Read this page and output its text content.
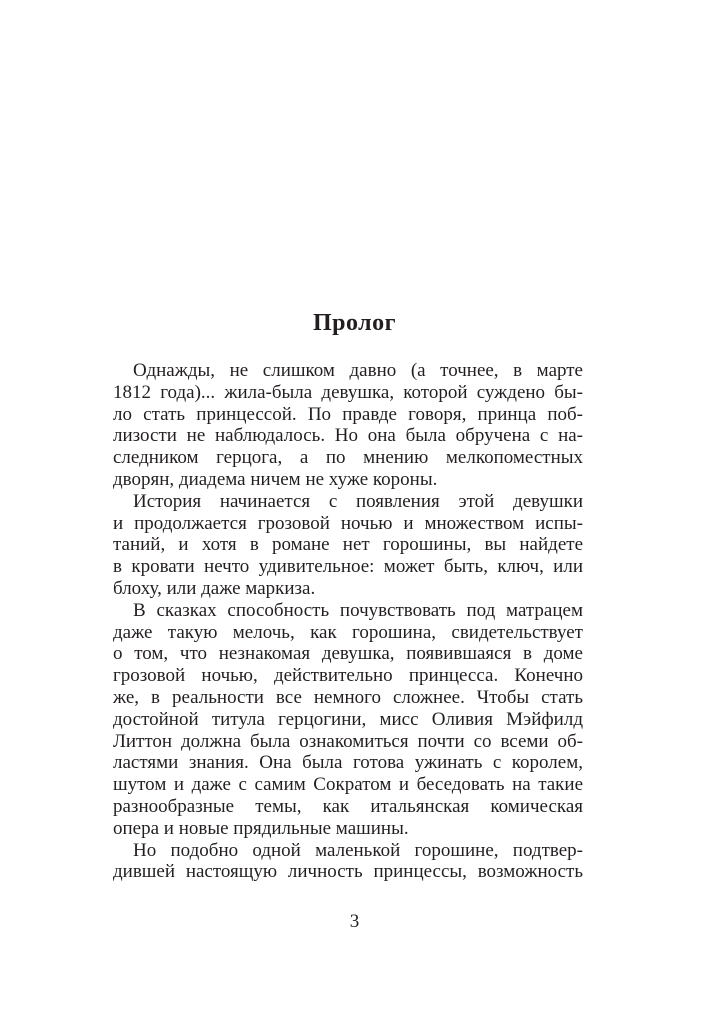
Пролог
Однажды, не слишком давно (а точнее, в марте
1812 года)... жила-была девушка, которой суждено бы-
ло стать принцессой. По правде говоря, принца поб-
лизости не наблюдалось. Но она была обручена с на-
следником герцога, а по мнению мелкопоместных
дворян, диадема ничем не хуже короны.
История начинается с появления этой девушки
и продолжается грозовой ночью и множеством испы-
таний, и хотя в романе нет горошины, вы найдете
в кровати нечто удивительное: может быть, ключ, или
блоху, или даже маркиза.
В сказках способность почувствовать под матрацем
даже такую мелочь, как горошина, свидетельствует
о том, что незнакомая девушка, появившаяся в доме
грозовой ночью, действительно принцесса. Конечно
же, в реальности все немного сложнее. Чтобы стать
достойной титула герцогини, мисс Оливия Мэйфилд
Литтон должна была ознакомиться почти со всеми об-
ластями знания. Она была готова ужинать с королем,
шутом и даже с самим Сократом и беседовать на такие
разнообразные темы, как итальянская комическая
опера и новые прядильные машины.
Но подобно одной маленькой горошине, подтвер-
дившей настоящую личность принцессы, возможность
3
